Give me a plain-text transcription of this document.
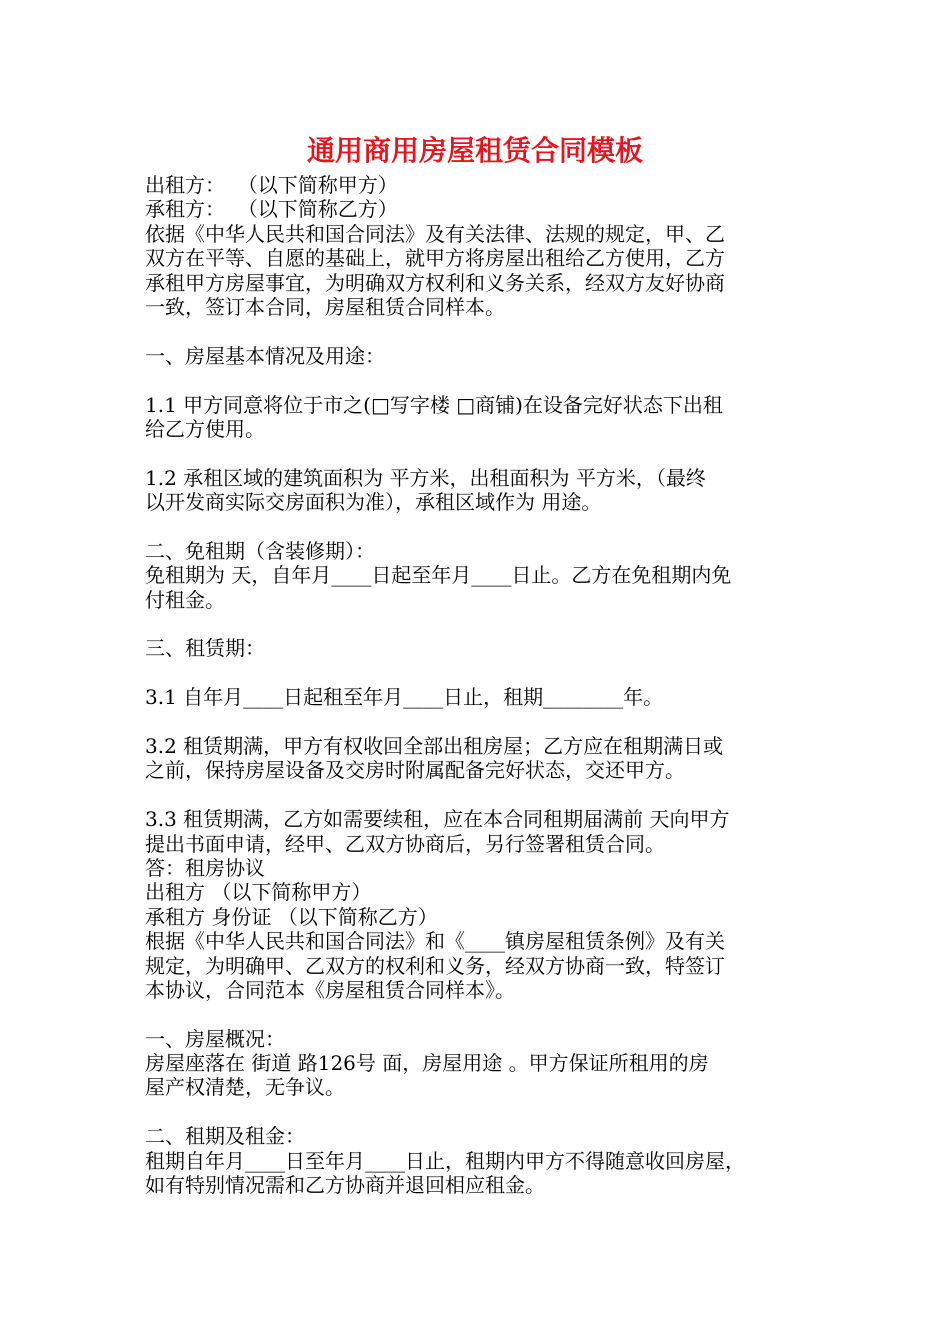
通用商用房屋租赁合同模板
出租方：  （以下简称甲方）
承租方：  （以下简称乙方）
依据《中华人民共和国合同法》及有关法律、法规的规定，甲、乙
双方在平等、自愿的基础上，就甲方将房屋出租给乙方使用，乙方
承租甲方房屋事宜，为明确双方权利和义务关系，经双方友好协商
一致，签订本合同，房屋租赁合同样本。
一、房屋基本情况及用途：
1.1 甲方同意将位于市之(□写字楼 □商铺)在设备完好状态下出租
给乙方使用。
1.2 承租区域的建筑面积为 平方米，出租面积为 平方米，（最终
以开发商实际交房面积为准），承租区域作为 用途。
二、免租期（含装修期）：
免租期为 天，自年月____日起至年月____日止。乙方在免租期内免
付租金。
三、租赁期：
3.1 自年月____日起租至年月____日止，租期________年。
3.2 租赁期满，甲方有权收回全部出租房屋；乙方应在租期满日或
之前，保持房屋设备及交房时附属配备完好状态，交还甲方。
3.3 租赁期满，乙方如需要续租，应在本合同租期届满前 天向甲方
提出书面申请，经甲、乙双方协商后，另行签署租赁合同。
答：租房协议
出租方 （以下简称甲方）
承租方 身份证 （以下简称乙方）
根据《中华人民共和国合同法》和《____镇房屋租赁条例》及有关
规定，为明确甲、乙双方的权利和义务，经双方协商一致，特签订
本协议，合同范本《房屋租赁合同样本》。
一、房屋概况：
房屋座落在 街道 路126号 面，房屋用途 。甲方保证所租用的房
屋产权清楚，无争议。
二、租期及租金：
租期自年月____日至年月____日止，租期内甲方不得随意收回房屋，
如有特别情况需和乙方协商并退回相应租金。
